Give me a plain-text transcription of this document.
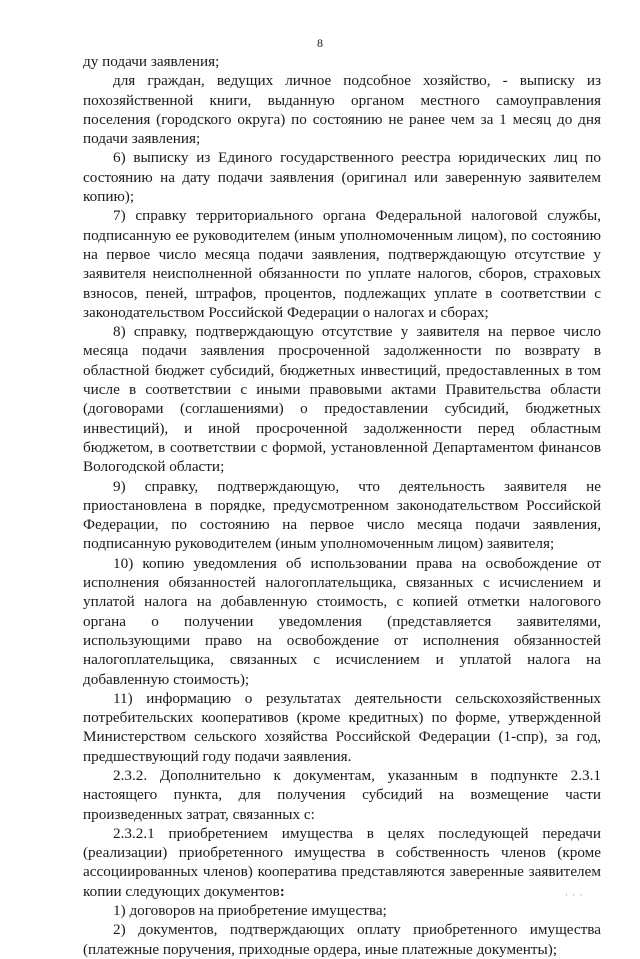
8

ду подачи заявления;

для граждан, ведущих личное подсобное хозяйство, - выписку из похозяйственной книги, выданную органом местного самоуправления поселения (городского округа) по состоянию не ранее чем за 1 месяц до дня подачи заявления;

6) выписку из Единого государственного реестра юридических лиц по состоянию на дату подачи заявления (оригинал или заверенную заявителем копию);

7) справку территориального органа Федеральной налоговой службы, подписанную ее руководителем (иным уполномоченным лицом), по состоянию на первое число месяца подачи заявления, подтверждающую отсутствие у заявителя неисполненной обязанности по уплате налогов, сборов, страховых взносов, пеней, штрафов, процентов, подлежащих уплате в соответствии с законодательством Российской Федерации о налогах и сборах;

8) справку, подтверждающую отсутствие у заявителя на первое число месяца подачи заявления просроченной задолженности по возврату в областной бюджет субсидий, бюджетных инвестиций, предоставленных в том числе в соответствии с иными правовыми актами Правительства области (договорами (соглашениями) о предоставлении субсидий, бюджетных инвестиций), и иной просроченной задолженности перед областным бюджетом, в соответствии с формой, установленной Департаментом финансов Вологодской области;

9) справку, подтверждающую, что деятельность заявителя не приостановлена в порядке, предусмотренном законодательством Российской Федерации, по состоянию на первое число месяца подачи заявления, подписанную руководителем (иным уполномоченным лицом) заявителя;

10) копию уведомления об использовании права на освобождение от исполнения обязанностей налогоплательщика, связанных с исчислением и уплатой налога на добавленную стоимость, с копией отметки налогового органа о получении уведомления (представляется заявителями, использующими право на освобождение от исполнения обязанностей налогоплательщика, связанных с исчислением и уплатой налога на добавленную стоимость);

11) информацию о результатах деятельности сельскохозяйственных потребительских кооперативов (кроме кредитных) по форме, утвержденной Министерством сельского хозяйства Российской Федерации (1-спр), за год, предшествующий году подачи заявления.

2.3.2. Дополнительно к документам, указанным в подпункте 2.3.1 настоящего пункта, для получения субсидий на возмещение части произведенных затрат, связанных с:

2.3.2.1 приобретением имущества в целях последующей передачи (реализации) приобретенного имущества в собственность членов (кроме ассоциированных членов) кооператива представляются заверенные заявителем копии следующих документов:

1) договоров на приобретение имущества;

2) документов, подтверждающих оплату приобретенного имущества (платежные поручения, приходные ордера, иные платежные документы);

ꞏ ꞏ ꞏ
